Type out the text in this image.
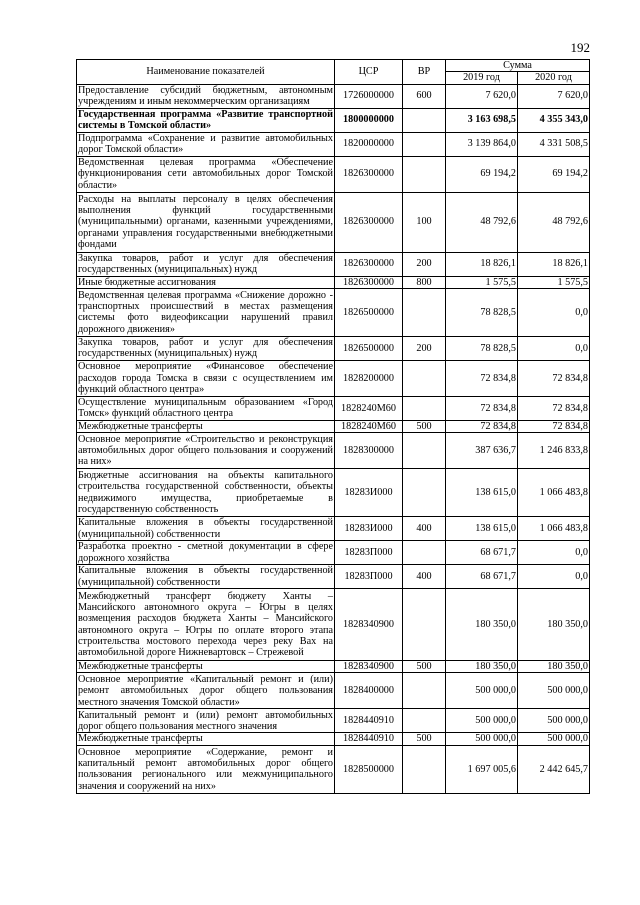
192
Наименование показателей	ЦСР	ВР	Сумма	
			2019 год	2020 год
Предоставление субсидий бюджетным, автономным учреждениям и иным некоммерческим организациям	1726000000	600	7 620,0	7 620,0
Государственная программа «Развитие транспортной системы в Томской области»	1800000000		3 163 698,5	4 355 343,0
Подпрограмма «Сохранение и развитие автомобильных дорог Томской области»	1820000000		3 139 864,0	4 331 508,5
Ведомственная целевая программа «Обеспечение функционирования сети автомобильных дорог Томской области»	1826300000		69 194,2	69 194,2
Расходы на выплаты персоналу в целях обеспечения выполнения функций государственными (муниципальными) органами, казенными учреждениями, органами управления государственными внебюджетными фондами	1826300000	100	48 792,6	48 792,6
Закупка товаров, работ и услуг для обеспечения государственных (муниципальных) нужд	1826300000	200	18 826,1	18 826,1
Иные бюджетные ассигнования	1826300000	800	1 575,5	1 575,5
Ведомственная целевая программа «Снижение дорожно - транспортных происшествий в местах размещения системы фото видеофиксации нарушений правил дорожного движения»	1826500000		78 828,5	0,0
Закупка товаров, работ и услуг для обеспечения государственных (муниципальных) нужд	1826500000	200	78 828,5	0,0
Основное мероприятие «Финансовое обеспечение расходов города Томска в связи с осуществлением им функций областного центра»	1828200000		72 834,8	72 834,8
Осуществление муниципальным образованием «Город Томск» функций областного центра	1828240М60		72 834,8	72 834,8
Межбюджетные трансферты	1828240М60	500	72 834,8	72 834,8
Основное мероприятие «Строительство и реконструкция автомобильных дорог общего пользования и сооружений на них»	1828300000		387 636,7	1 246 833,8
Бюджетные ассигнования на объекты капитального строительства государственной собственности, объекты недвижимого имущества, приобретаемые в государственную собственность	18283И000		138 615,0	1 066 483,8
Капитальные вложения в объекты государственной (муниципальной) собственности	18283И000	400	138 615,0	1 066 483,8
Разработка проектно - сметной документации в сфере дорожного хозяйства	18283П000		68 671,7	0,0
Капитальные вложения в объекты государственной (муниципальной) собственности	18283П000	400	68 671,7	0,0
Межбюджетный трансферт бюджету Ханты – Мансийского автономного округа – Югры в целях возмещения расходов бюджета Ханты – Мансийского автономного округа – Югры по оплате второго этапа строительства мостового перехода через реку Вах на автомобильной дороге Нижневартовск – Стрежевой	1828340900		180 350,0	180 350,0
Межбюджетные трансферты	1828340900	500	180 350,0	180 350,0
Основное мероприятие «Капитальный ремонт и (или) ремонт автомобильных дорог общего пользования местного значения Томской области»	1828400000		500 000,0	500 000,0
Капитальный ремонт и (или) ремонт автомобильных дорог общего пользования местного значения	1828440910		500 000,0	500 000,0
Межбюджетные трансферты	1828440910	500	500 000,0	500 000,0
Основное мероприятие «Содержание, ремонт и капитальный ремонт автомобильных дорог общего пользования регионального или межмуниципального значения и сооружений на них»	1828500000		1 697 005,6	2 442 645,7
